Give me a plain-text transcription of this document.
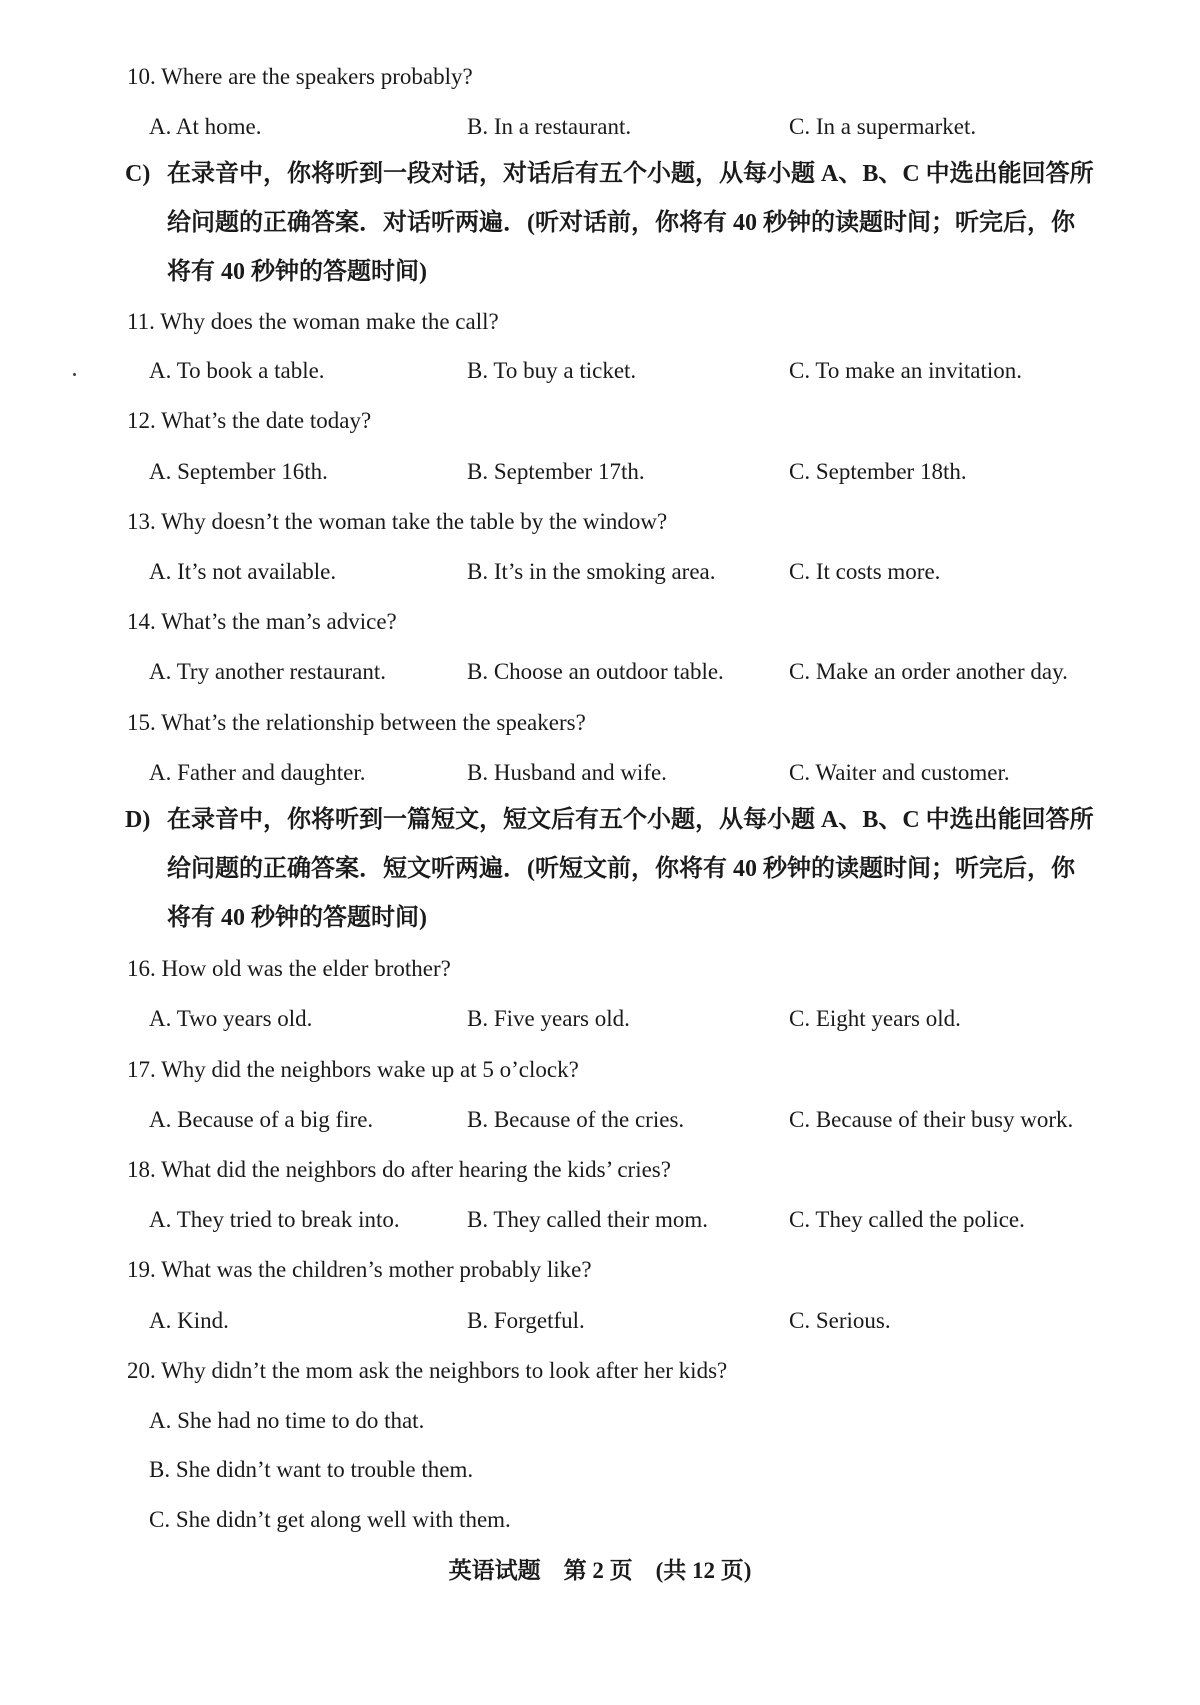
10. Where are the speakers probably?
A. At home.	B. In a restaurant.	C. In a supermarket.
C) 在录音中，你将听到一段对话，对话后有五个小题，从每小题 A、B、C 中选出能回答所
给问题的正确答案．对话听两遍．(听对话前，你将有 40 秒钟的读题时间；听完后，你
将有 40 秒钟的答题时间)
11. Why does the woman make the call?
A. To book a table.	B. To buy a ticket.	C. To make an invitation.
12. What’s the date today?
A. September 16th.	B. September 17th.	C. September 18th.
13. Why doesn’t the woman take the table by the window?
A. It’s not available.	B. It’s in the smoking area.	C. It costs more.
14. What’s the man’s advice?
A. Try another restaurant.	B. Choose an outdoor table.	C. Make an order another day.
15. What’s the relationship between the speakers?
A. Father and daughter.	B. Husband and wife.	C. Waiter and customer.
D) 在录音中，你将听到一篇短文，短文后有五个小题，从每小题 A、B、C 中选出能回答所
给问题的正确答案．短文听两遍．(听短文前，你将有 40 秒钟的读题时间；听完后，你
将有 40 秒钟的答题时间)
16. How old was the elder brother?
A. Two years old.	B. Five years old.	C. Eight years old.
17. Why did the neighbors wake up at 5 o’clock?
A. Because of a big fire.	B. Because of the cries.	C. Because of their busy work.
18. What did the neighbors do after hearing the kids’ cries?
A. They tried to break into.	B. They called their mom.	C. They called the police.
19. What was the children’s mother probably like?
A. Kind.	B. Forgetful.	C. Serious.
20. Why didn’t the mom ask the neighbors to look after her kids?
A. She had no time to do that.
B. She didn’t want to trouble them.
C. She didn’t get along well with them.
英语试题　第 2 页　(共 12 页)
